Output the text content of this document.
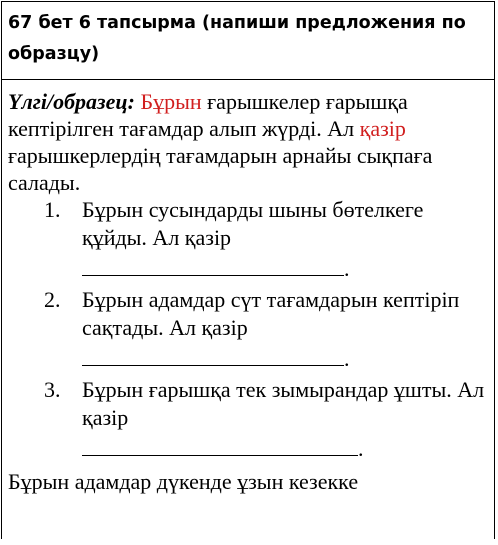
67 бет 6 тапсырма (напиши предложения по образцу)
Үлгі/образец: Бұрын ғарышкелер ғарышқа кептірілген тағамдар алып жүрді. Ал қазір ғарышкерлердің тағамдарын арнайы сықпаға салады.
1. Бұрын сусындарды шыны бөтелкеге құйды. Ал қазір
.
2. Бұрын адамдар сүт тағамдарын кептіріп сақтады. Ал қазір
.
3. Бұрын ғарышқа тек зымырандар ұшты. Ал қазір
.
Бұрын адамдар дүкенде ұзын кезекке
